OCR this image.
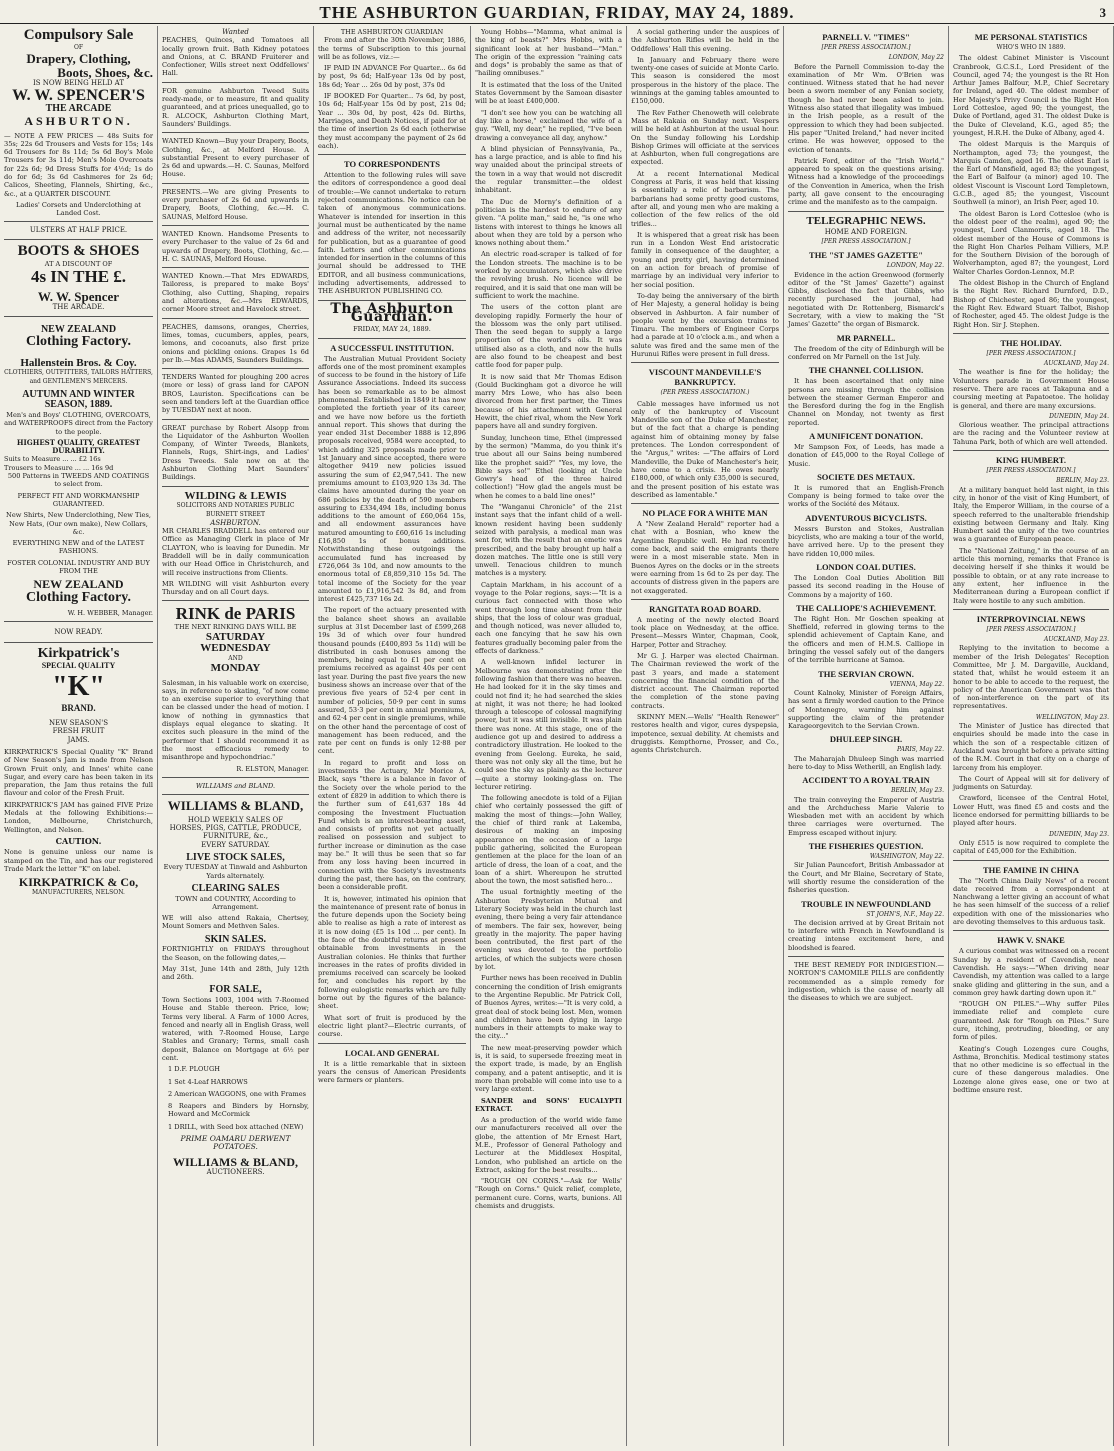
THE ASHBURTON GUARDIAN, FRIDAY, MAY 24, 1889.	3
Compulsory Sale
OF
Drapery, Clothing,
Boots, Shoes, &c.
IS NOW BEING HELD AT
W. W. SPENCER'S
THE ARCADE
ASHBURTON.

— NOTE A FEW PRICES — 48s Suits for 35s; 22s 6d Trousers and Vests for 15s; 14s 6d Trousers for 8s 11d; 5s 6d Boy's Mole Trousers for 3s 11d; Men's Mole Overcoats for 22s 6d; 9d Dress Stuffs for 4½d; 1s do do for 6d; 3s 6d Cashmeres for 2s 6d; Calicos, Sheeting, Flannels, Shirting, &c., &c., at a QUARTER DISCOUNT.

Ladies' Corsets and Underclothing at Landed Cost.

ULSTERS AT HALF PRICE.
BOOTS & SHOES
AT A DISCOUNT OF
4s IN THE £.
W. W. Spencer
THE ARCADE.
NEW ZEALAND
Clothing Factory.
Hallenstein Bros. & Coy.
CLOTHIERS, OUTFITTERS, TAILORS HATTERS, and GENTLEMEN'S MERCERS.
AUTUMN AND WINTER SEASON, 1889.

Men's and Boys' CLOTHING, OVERCOATS, and WATERPROOFS direct from the Factory to the people.

HIGHEST QUALITY, GREATEST DURABILITY.
Suits to Measure ... ... £2 16s
Trousers to Measure ... ... 16s 9d

500 Patterns in TWEEDS AND COATINGS to select from.

PERFECT FIT AND WORKMANSHIP GUARANTEED.

New Shirts, New Underclothing, New Ties, New Hats, (Our own make), New Collars, &c.

EVERYTHING NEW and of the LATEST FASHIONS.

FOSTER COLONIAL INDUSTRY AND BUY FROM THE

NEW ZEALAND
Clothing Factory.
W. H. WEBBER, Manager.
NOW READY.
Kirkpatrick's
SPECIAL QUALITY
"K"
BRAND.
NEW SEASON'S
FRESH FRUIT
JAMS.

KIRKPATRICK'S Special Quality "K" Brand of New Season's Jam is made from Nelson Grown Fruit only, and Innes' white cane Sugar, and every care has been taken in its preparation, the Jam thus retains the full flavour and color of the Fresh Fruit.

KIRKPATRICK'S JAM has gained FIVE Prize Medals at the following Exhibitions:—London, Melbourne, Christchurch, Wellington, and Nelson.

CAUTION.

None is genuine unless our name is stamped on the Tin, and has our registered Trade Mark the letter "K" on label.

KIRKPATRICK & Co,
MANUFACTURERS, NELSON.
Wanted

PEACHES, Quinces, and Tomatoes all locally grown fruit. Bath Kidney potatoes and Onions, at C. BRAND Fruiterer and Confectioner, Wills street next Oddfellows' Hall.

FOR genuine Ashburton Tweed Suits ready-made, or to measure, fit and quality guaranteed, and at prices unequalled, go to R. ALCOCK, Ashburton Clothing Mart, Saunders' Buildings.

WANTED Known—Buy your Drapery, Boots, Clothing, &c., at Melford House. A substantial Present to every purchaser of 2s 6d and upwards.—H. C. Saunas, Melford House.

PRESENTS.—We are giving Presents to every purchaser of 2s 6d and upwards in Drapery, Boots, Clothing, &c.—H. C. SAUNAS, Melford House.

WANTED Known. Handsome Presents to every Purchaser to the value of 2s 6d and upwards of Drapery, Boots, Clothing, &c.—H. C. SAUNAS, Melford House.

WANTED Known.—That Mrs EDWARDS, Tailoress, is prepared to make Boys' Clothing, also Cutting, Shaping, repairs and alterations, &c.—Mrs EDWARDS, corner Moore street and Havelock street.

PEACHES, damsons, oranges, Cherries, limes, tomas, cucumbers, apples, pears, lemons, and cocoanuts, also first prize onions and pickling onions. Grapes 1s 6d per lb.—Mas ADAMS, Saunders Buildings.

TENDERS Wanted for ploughing 200 acres (more or less) of grass land for CAPON BROS, Lauriston. Specifications can be seen and tenders left at the Guardian office by TUESDAY next at noon.

GREAT purchase by Robert Alsopp from the Liquidator of the Ashburton Woollen Company, of Winter Tweeds, Blankets, Flannels, Rugs, Shirt-ings, and Ladies' Dress Tweeds. Sale now on at the Ashburton Clothing Mart Saunders' Buildings.

WILDING & LEWIS
SOLICITORS AND NOTARIES PUBLIC
BURNETT STREET
ASHBURTON.

MR CHARLES BRADDELL has entered our Office as Managing Clerk in place of Mr CLAYTON, who is leaving for Dunedin. Mr Braddell will be in daily communication with our Head Office in Christchurch, and will receive instructions from Clients.

MR WILDING will visit Ashburton every Thursday and on all Court days.

RINK de PARIS
THE NEXT RINKING DAYS WILL BE
SATURDAY
WEDNESDAY
AND
MONDAY

Salesman, in his valuable work on exercise, says, in reference to skating, "of now come to an exercise superior to everything that can be classed under the head of motion. I know of nothing in gymnastics that displays equal elegance to skating. It excites such pleasure in the mind of the performer that I should recommend it as the most efficacious remedy to misanthrope and hypochondriac."

R. ELSTON, Manager.
WILLIAMS and BLAND.
WILLIAMS & BLAND,
HOLD WEEKLY SALES OF
HORSES, PIGS, CATTLE, PRODUCE, FURNITURE, &c.,
EVERY SATURDAY.
LIVE STOCK SALES,

Every TUESDAY at Tinwald and Ashburton Yards alternately.

CLEARING SALES

TOWN and COUNTRY, According to Arrangement.

WE will also attend Rakaia, Chertsey, Mount Somers and Methven Sales.

SKIN SALES.

FORTNIGHTLY on FRIDAYS throughout the Season, on the following dates,—

May 31st, June 14th and 28th, July 12th and 26th.

FOR SALE,

Town Sections 1003, 1004 with 7-Roomed House and Stable thereon. Price, low; Terms very liberal. A Farm of 1000 Acres, fenced and nearly all in English Grass, well watered, with 7-Roomed House, Large Stables and Granary; Terms, small cash deposit, Balance on Mortgage at 6½ per cent.

1 D.F. PLOUGH
1 Set 4-Leaf HARROWS
2 American WAGGONS, one with Frames
8 Reapers and Binders by Hornsby, Howard and McCormick
1 DRILL, with Seed box attached (NEW)
PRIME OAMARU DERWENT POTATOES.
WILLIAMS & BLAND,
AUCTIONEERS.
THE ASHBURTON GUARDIAN

From and after the 30th November, 1886, the terms of Subscription to this journal will be as follows, viz.:—

IF PAID IN ADVANCE For Quarter... 6s 6d by post, 9s 6d; Half-year 13s 0d by post, 18s 6d; Year ... 26s 0d by post, 37s 0d

IF BOOKED For Quarter... 7s 6d, by post, 10s 6d; Half-year 15s 0d by post, 21s 0d; Year ... 30s 0d, by post, 42s 0d. Births, Marriages, and Death Notices, if paid for at the time of insertion 2s 6d each (otherwise they must accompany the payment of 2s 6d each).

TO CORRESPONDENTS

Attention to the following rules will save the editors of correspondence a good deal of trouble:—We cannot undertake to return rejected communications. No notice can be taken of anonymous communications. Whatever is intended for insertion in this journal must be authenticated by the name and address of the writer, not necessarily for publication, but as a guarantee of good faith. Letters and other communications intended for insertion in the columns of this journal should be addressed to THE EDITOR, and all business communications, including advertisements, addressed to THE ASHBURTON PUBLISHING CO.

The Ashburton Guardian.
FRIDAY, MAY 24, 1889.
A SUCCESSFUL INSTITUTION.

The Australian Mutual Provident Society affords one of the most prominent examples of success to be found in the history of Life Assurance Associations. Indeed its success has been so remarkable as to be almost phenomenal. Established in 1849 it has now completed the fortieth year of its career, and we have now before us the fortieth annual report. This shows that during the year ended 31st December 1888 is 12,896 proposals received, 9584 were accepted, to which adding 325 proposals made prior to 1st January and since accepted, there were altogether 9419 new policies issued assuring the sum of £2,947,541. The new premiums amount to £103,920 13s 3d. The claims have amounted during the year on 686 policies by the death of 590 members assuring to £334,494 18s, including bonus additions to the amount of £60,064 15s, and all endowment assurances have matured amounting to £60,616 1s including £16,850 1s of bonus additions. Notwithstanding these outgoings the accumulated fund has increased by £726,064 3s 10d, and now amounts to the enormous total of £8,859,310 15s 5d. The total income of the Society for the year amounted to £1,916,542 3s 8d, and from interest £425,737 16s 2d.

The report of the actuary presented with the balance sheet shows an available surplus at 31st December last of £599,268 19s 3d of which over four hundred thousand pounds (£400,893 5s 11d) will be distributed in cash bonuses among the members, being equal to £1 per cent on premiums received as against 40s per cent last year. During the past five years the new business shows an increase over that of the previous five years of 52·4 per cent in number of policies, 50·9 per cent in sums assured, 53·3 per cent in annual premiums, and 62·4 per cent in single premiums, while on the other hand the percentage of cost of management has been reduced, and the rate per cent on funds is only 12·88 per cent.

In regard to profit and loss on investments the Actuary, Mr Morice A. Black, says "there is a balance in favor of the Society over the whole period to the extent of £829 in addition to which there is the further sum of £41,637 18s 4d composing the Investment Fluctuation Fund which is an interest-bearing asset, and consists of profits not yet actually realised on possession and subject to further increase or diminution as the case may be." It will thus be seen that so far from any loss having been incurred in connection with the Society's investments during the past, there has, on the contrary, been a considerable profit.

It is, however, intimated his opinion that the maintenance of present rate of bonus in the future depends upon the Society being able to realise as high a rate of interest as it is now doing (£5 1s 10d ... per cent). In the face of the doubtful returns at present obtainable from investments in the Australian colonies. He thinks that further increases in the rates of profits divided in premiums received can scarcely be looked for, and concludes his report by the following eulogistic remarks which are fully borne out by the figures of the balance-sheet.

What sort of fruit is produced by the electric light plant?—Electric currants, of course.

LOCAL AND GENERAL

It is a little remarkable that in sixteen years the census of American Presidents were farmers or planters.

Young Hobbs—"Mamma, what animal is the king of beasts?" Mrs Hobbs, with a significant look at her husband—"Man." The origin of the expression "raining cats and dogs" is probably the same as that of "hailing omnibuses."

It is estimated that the loss of the United States Government by the Samoan disaster will be at least £400,000.

"I don't see how you can be watching all day like a horse," exclaimed the wife of a guy. "Well, my dear," he replied, "I've been drawing a conveyance all day, anyhow."

A blind physician of Pennsylvania, Pa., has a large practice, and is able to find his way unaided about the principal streets of the town in a way that would not discredit the regular transmitter.—the oldest inhabitant.

The Duc de Morny's definition of a politician is the hardest to endure of any given. "A polite man," said he, "is one who listens with interest to things he knows all about when they are told by a person who knows nothing about them."

An electric road-scraper is talked of for the London streets. The machine is to be worked by accumulators, which also drive the revolving brush. No licence will be required, and it is said that one man will be sufficient to work the machine.

The users of the cotton plant are developing rapidly. Formerly the hour of the blossom was the only part utilised. Then the seed began to supply a large proportion of the world's oils. It was utilised also as a cloth, and now the hulls are also found to be cheapest and best cattle food for paper pulp.

It is now said that Mr Thomas Edison (Gould Buckingham got a divorce he will marry Mrs Lowe, who has also been divorced from her first partner, the Times because of his attachment with General Hewitt, the chief rival, whom the New York papers have all and sundry forgiven.

Sunday, luncheon time, Ethel (impressed by the sermon) "Mamma, do you think it's true about all our Sains being numbered like the prophet said?" "Yes, my love, the Bible says so!" Ethel (looking at Uncle Gowry's head of the three haired collection!) "How glad the angels must be when he comes to a bald line ones!"

The "Wanganui Chronicle" of the 21st instant says that the infant child of a well-known resident having been suddenly seized with paralysis, a medical man was sent for, with the result that an emetic was prescribed, and the baby brought up half a dozen matches. The little one is still very unwell. Tenacious children to munch matches is a mystery.

Captain Markham, in his account of a voyage to the Polar regions, says:—"It is a curious fact connected with those who went through long time absent from their ships, that the loss of colour was gradual, and though noticed, was never alluded to, each one fancying that he saw his own features gradually becoming paler from the effects of darkness."

A well-known infidel lecturer in Melbourne was demonstrating after the following fashion that there was no heaven. He had looked for it in the sky times and could not find it; he had searched the skies at night, it was not there; he had looked through a telescope of colossal magnifying power, but it was still invisible. It was plain there was none. At this stage, one of the audience got up and desired to address a contradictory illustration. He looked to the evening from Geelong. Eureka, he said, there was not only sky all the time, but he could see the sky as plainly as the lecturer—quite a stormy looking-glass on. The lecturer retiring.

The following anecdote is told of a Fijian chief who certainly possessed the gift of making the most of things:—John Walley, the chief of third rank at Lakemba, desirous of making an imposing appearance on the occasion of a large public gathering, solicited the European gentlemen at the place for the loan of an article of dress, the loan of a coat, and the loan of a shirt. Whereupon he strutted about the town, the most satisfied hero...

The usual fortnightly meeting of the Ashburton Presbyterian Mutual and Literary Society was held in the church last evening, there being a very fair attendance of members. The fair sex, however, being greatly in the majority. The paper having been contributed, the first part of the evening was devoted to the portfolio articles, of which the subjects were chosen by lot.

Further news has been received in Dublin concerning the condition of Irish emigrants to the Argentine Republic. Mr Patrick Coll, of Buenos Ayres, writes:—"It is very cold, a great deal of stock being lost. Men, women and children have been dying in large numbers in their attempts to make way to the city..."

The new meat-preserving powder which is, it is said, to supersede freezing meat in the export trade, is made, by an English company, and a patent antiseptic, and it is more than probable will come into use to a very large extent.

SANDER and SONS' EUCALYPTI EXTRACT.

As a production of the world wide fame our manufacturers received all over the globe, the attention of Mr Ernest Hart, M.E., Professor of General Pathology and Lecturer at the Middlesex Hospital, London, who published an article on the Extract, asking for the best results...

"ROUGH ON CORNS."—Ask for Wells' "Rough on Corns." Quick relief, complete, permanent cure. Corns, warts, bunions. All chemists and druggists.

A social gathering under the auspices of the Ashburton Rifles will be held in the Oddfellows' Hall this evening.

In January and February there were twenty-one cases of suicide at Monte Carlo. This season is considered the most prosperous in the history of the place. The winnings at the gaming tables amounted to £150,000.

The Rev Father Chenoweth will celebrate Mass at Rakaia on Sunday next. Vespers will be held at Ashburton at the usual hour. On the Sunday following his Lordship Bishop Grimes will officiate at the services at Ashburton, when full congregations are expected.

At a recent International Medical Congress at Paris, it was held that kissing is essentially a relic of barbarism. The barbarians had some pretty good customs, after all, and young men who are making a collection of the few relics of the old trifles...

It is whispered that a great risk has been run in a London West End aristocratic family in consequence of the daughter, a young and pretty girl, having determined on an action for breach of promise of marriage by an individual very inferior to her social position.

To-day being the anniversary of the birth of Her Majesty, a general holiday is being observed in Ashburton. A fair number of people went by the excursion trains to Timaru. The members of Engineer Corps had a parade at 10 o'clock a.m., and when a salute was fired and the same men of the Hurunui Rifles were present in full dress.

VISCOUNT MANDEVILLE'S BANKRUPTCY.
(PER PRESS ASSOCIATION.)

Cable messages have informed us not only of the bankruptcy of Viscount Mandeville son of the Duke of Manchester, but of the fact that a charge is pending against him of obtaining money by false pretences. The London correspondent of the "Argus," writes: —"The affairs of Lord Mandeville, the Duke of Manchester's heir, have come to a crisis. He owes nearly £180,000, of which only £35,000 is secured, and the present position of his estate was described as lamentable."

NO PLACE FOR A WHITE MAN

A "New Zealand Herald" reporter had a chat with a Bosnian, who knew the Argentine Republic well. He had recently come back, and said the emigrants there were in a most miserable state. Men in Buenos Ayres on the docks or in the streets were earning from 1s 6d to 2s per day. The accounts of distress given in the papers are not exaggerated.

RANGITATA ROAD BOARD.

A meeting of the newly elected Board took place on Wednesday, at the office. Present—Messrs Winter, Chapman, Cook, Harper, Potter and Strachey.

Mr G. J. Harper was elected Chairman. The Chairman reviewed the work of the past 3 years, and made a statement concerning the financial condition of the district account. The Chairman reported the completion of the stone paving contracts.

SKINNY MEN.—Wells' "Health Renewer" restores health and vigor, cures dyspepsia, impotence, sexual debility. At chemists and druggists. Kempthorne, Prosser, and Co., agents Christchurch.

PARNELL V. "TIMES"
[PER PRESS ASSOCIATION.]
LONDON, May 22

Before the Parnell Commission to-day the examination of Mr Wm. O'Brien was continued. Witness stated that he had never been a sworn member of any Fenian society, though he had never been asked to join. Witness also stated that illegality was imbued in the Irish people, as a result of the oppression to which they had been subjected. His paper "United Ireland," had never incited crime. He was however, opposed to the eviction of tenants.

Patrick Ford, editor of the "Irish World," appeared to speak on the questions arising. Witness had a knowledge of the proceedings of the Convention in America, when the Irish party, all gave consent to the encouraging crime and the manifesto as to the campaign.

TELEGRAPHIC NEWS.
HOME AND FOREIGN.
[PER PRESS ASSOCIATION.]
THE "ST JAMES GAZETTE"
LONDON, May 22.

Evidence in the action Greenwood (formerly editor of the "St James' Gazette") against Gibbs, disclosed the fact that Gibbs, who recently purchased the journal, had negotiated with Dr. Rottenberg, Bismarck's Secretary, with a view to making the "St James' Gazette" the organ of Bismarck.

MR PARNELL.

The freedom of the city of Edinburgh will be conferred on Mr Parnell on the 1st July.

THE CHANNEL COLLISION.

It has been ascertained that only nine persons are missing through the collision between the steamer German Emperor and the Beresford during the fog in the English Channel on Monday, not twenty as first reported.

A MUNIFICENT DONATION.

Mr Sampson Fox, of Leeds, has made a donation of £45,000 to the Royal College of Music.

SOCIETE DES METAUX.

It is rumored that an English-French Company is being formed to take over the works of the Société des Métaux.

ADVENTUROUS BICYCLISTS.

Messrs Burston and Stokes, Australian bicyclists, who are making a tour of the world, have arrived here. Up to the present they have ridden 10,000 miles.

LONDON COAL DUTIES.

The London Coal Duties Abolition Bill passed its second reading in the House of Commons by a majority of 160.

THE CALLIOPE'S ACHIEVEMENT.

The Right Hon. Mr Goschen speaking at Sheffield, referred in glowing terms to the splendid achievement of Captain Kane, and the officers and men of H.M.S. Calliope in bringing the vessel safely out of the dangers of the terrible hurricane at Samoa.

THE SERVIAN CROWN.
VIENNA, May 22.

Count Kalnoky, Minister of Foreign Affairs, has sent a firmly worded caution to the Prince of Montenegro, warning him against supporting the claim of the pretender Karageorgevitch to the Servian Crown.

DHULEEP SINGH.
PARIS, May 22.

The Maharajah Dhuleep Singh was married here to-day to Miss Wetherill, an English lady.

ACCIDENT TO A ROYAL TRAIN
BERLIN, May 23.

The train conveying the Emperor of Austria and the Archduchess Marie Valerie to Wiesbaden met with an accident by which three carriages were overturned. The Empress escaped without injury.

THE FISHERIES QUESTION.
WASHINGTON, May 22.

Sir Julian Pauncefort, British Ambassador at the Court, and Mr Blaine, Secretary of State, will shortly resume the consideration of the fisheries question.

TROUBLE IN NEWFOUNDLAND
ST JOHN'S, N.F., May 22.

The decision arrived at by Great Britain not to interfere with French in Newfoundland is creating intense excitement here, and bloodshed is feared.

THE BEST REMEDY FOR INDIGESTION.—NORTON'S CAMOMILE PILLS are confidently recommended as a simple remedy for indigestion, which is the cause of nearly all the diseases to which we are subject.

ME PERSONAL STATISTICS
WHO'S WHO IN 1889.

The oldest Cabinet Minister is Viscount Cranbrook, G.C.S.I., Lord President of the Council, aged 74; the youngest is the Rt Hon Arthur James Balfour, M.P., Chief Secretary for Ireland, aged 40. The oldest member of Her Majesty's Privy Council is the Right Hon Lord Cottesloe, aged 90; the youngest, the Duke of Portland, aged 31. The oldest Duke is the Duke of Cleveland, K.G., aged 85; the youngest, H.R.H. the Duke of Albany, aged 4.

The oldest Marquis is the Marquis of Northampton, aged 73; the youngest, the Marquis Camden, aged 16. The oldest Earl is the Earl of Mansfield, aged 83; the youngest, the Earl of Balfour (a minor) aged 10. The oldest Viscount is Viscount Lord Templetown, G.C.B., aged 85; the youngest, Viscount Southwell (a minor), an Irish Peer, aged 10.

The oldest Baron is Lord Cottesloe (who is the oldest peer of the realm), aged 90; the youngest, Lord Clanmorris, aged 18. The oldest member of the House of Commons is the Right Hon Charles Pelham Villiers, M.P. for the Southern Division of the borough of Wolverhampton, aged 87; the youngest, Lord Walter Charles Gordon-Lennox, M.P.

The oldest Bishop in the Church of England is the Right Rev. Richard Durnford, D.D., Bishop of Chichester, aged 86; the youngest, the Right Rev. Edward Stuart Talbot, Bishop of Rochester, aged 45. The oldest Judge is the Right Hon. Sir J. Stephen.

THE HOLIDAY.
[PER PRESS ASSOCIATION.]
AUCKLAND, May 24.

The weather is fine for the holiday; the Volunteers parade in Government House reserve. There are races at Takapuna and a coursing meeting at Papatoetoe. The holiday is general, and there are many excursions.

DUNEDIN, May 24.

Glorious weather. The principal attractions are the racing and the Volunteer review at Tahuna Park, both of which are well attended.

KING HUMBERT.
[PER PRESS ASSOCIATION.]
BERLIN, May 23.

At a military banquet held last night, in this city, in honor of the visit of King Humbert, of Italy, the Emperor William, in the course of a speech referred to the unalterable friendship existing between Germany and Italy. King Humbert said the unity of the two countries was a guarantee of European peace.

The "National Zeitung," in the course of an article this morning, remarks that France is deceiving herself if she thinks it would be possible to obtain, or at any rate increase to any extent, her influence in the Mediterranean during a European conflict if Italy were hostile to any such ambition.

INTERPROVINCIAL NEWS
[PER PRESS ASSOCIATION.]
AUCKLAND, May 23.

Replying to the invitation to become a member of the Irish Delegates' Reception Committee, Mr J. M. Dargaville, Auckland, stated that, whilst he would esteem it an honor to be able to accede to the request, the policy of the American Government was that of non-interference on the part of its representatives.

WELLINGTON, May 23.

The Minister of Justice has directed that enquiries should be made into the case in which the son of a respectable citizen of Auckland was brought before a private sitting of the R.M. Court in that city on a charge of larceny from his employer.

The Court of Appeal will sit for delivery of judgments on Saturday.

Crawford, licensee of the Central Hotel, Lower Hutt, was fined £5 and costs and the licence endorsed for permitting billiards to be played after hours.

DUNEDIN, May 23.

Only £515 is now required to complete the capital of £45,000 for the Exhibition.

THE FAMINE IN CHINA

The "North China Daily News" of a recent date received from a correspondent at Nanchwang a letter giving an account of what he has seen himself of the success of a relief expedition with one of the missionaries who are devoting themselves to this arduous task.

HAWK V. SNAKE

A curious combat was witnessed on a recent Sunday by a resident of Cavendish, near Cavendish. He says:—"When driving near Cavendish, my attention was called to a large snake gliding and glittering in the sun, and a common grey hawk darting down upon it."

"ROUGH ON PILES."—Why suffer Piles immediate relief and complete cure guaranteed. Ask for "Rough on Piles." Sure cure, itching, protruding, bleeding, or any form of piles.

Keating's Cough Lozenges cure Coughs, Asthma, Bronchitis. Medical testimony states that no other medicine is so effectual in the cure of these dangerous maladies. One Lozenge alone gives ease, one or two at bedtime ensure rest.
